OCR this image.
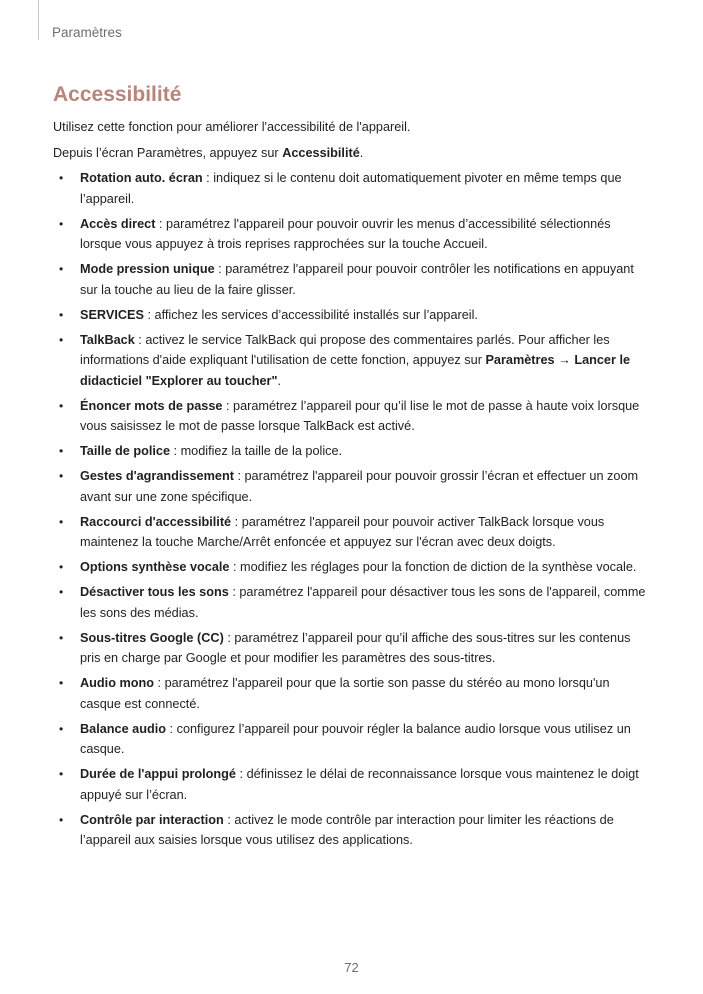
Paramètres
Accessibilité

Utilisez cette fonction pour améliorer l'accessibilité de l'appareil.

Depuis l’écran Paramètres, appuyez sur Accessibilité.

• Rotation auto. écran : indiquez si le contenu doit automatiquement pivoter en même temps que l’appareil.
• Accès direct : paramétrez l'appareil pour pouvoir ouvrir les menus d’accessibilité sélectionnés lorsque vous appuyez à trois reprises rapprochées sur la touche Accueil.
• Mode pression unique : paramétrez l'appareil pour pouvoir contrôler les notifications en appuyant sur la touche au lieu de la faire glisser.
• SERVICES : affichez les services d’accessibilité installés sur l’appareil.
• TalkBack : activez le service TalkBack qui propose des commentaires parlés. Pour afficher les informations d'aide expliquant l'utilisation de cette fonction, appuyez sur Paramètres → Lancer le didacticiel "Explorer au toucher".
• Énoncer mots de passe : paramétrez l’appareil pour qu’il lise le mot de passe à haute voix lorsque vous saisissez le mot de passe lorsque TalkBack est activé.
• Taille de police : modifiez la taille de la police.
• Gestes d'agrandissement : paramétrez l'appareil pour pouvoir grossir l’écran et effectuer un zoom avant sur une zone spécifique.
• Raccourci d'accessibilité : paramétrez l'appareil pour pouvoir activer TalkBack lorsque vous maintenez la touche Marche/Arrêt enfoncée et appuyez sur l'écran avec deux doigts.
• Options synthèse vocale : modifiez les réglages pour la fonction de diction de la synthèse vocale.
• Désactiver tous les sons : paramétrez l'appareil pour désactiver tous les sons de l'appareil, comme les sons des médias.
• Sous-titres Google (CC) : paramétrez l’appareil pour qu’il affiche des sous-titres sur les contenus pris en charge par Google et pour modifier les paramètres des sous-titres.
• Audio mono : paramétrez l'appareil pour que la sortie son passe du stéréo au mono lorsqu'un casque est connecté.
• Balance audio : configurez l’appareil pour pouvoir régler la balance audio lorsque vous utilisez un casque.
• Durée de l'appui prolongé : définissez le délai de reconnaissance lorsque vous maintenez le doigt appuyé sur l’écran.
• Contrôle par interaction : activez le mode contrôle par interaction pour limiter les réactions de l’appareil aux saisies lorsque vous utilisez des applications.
72
